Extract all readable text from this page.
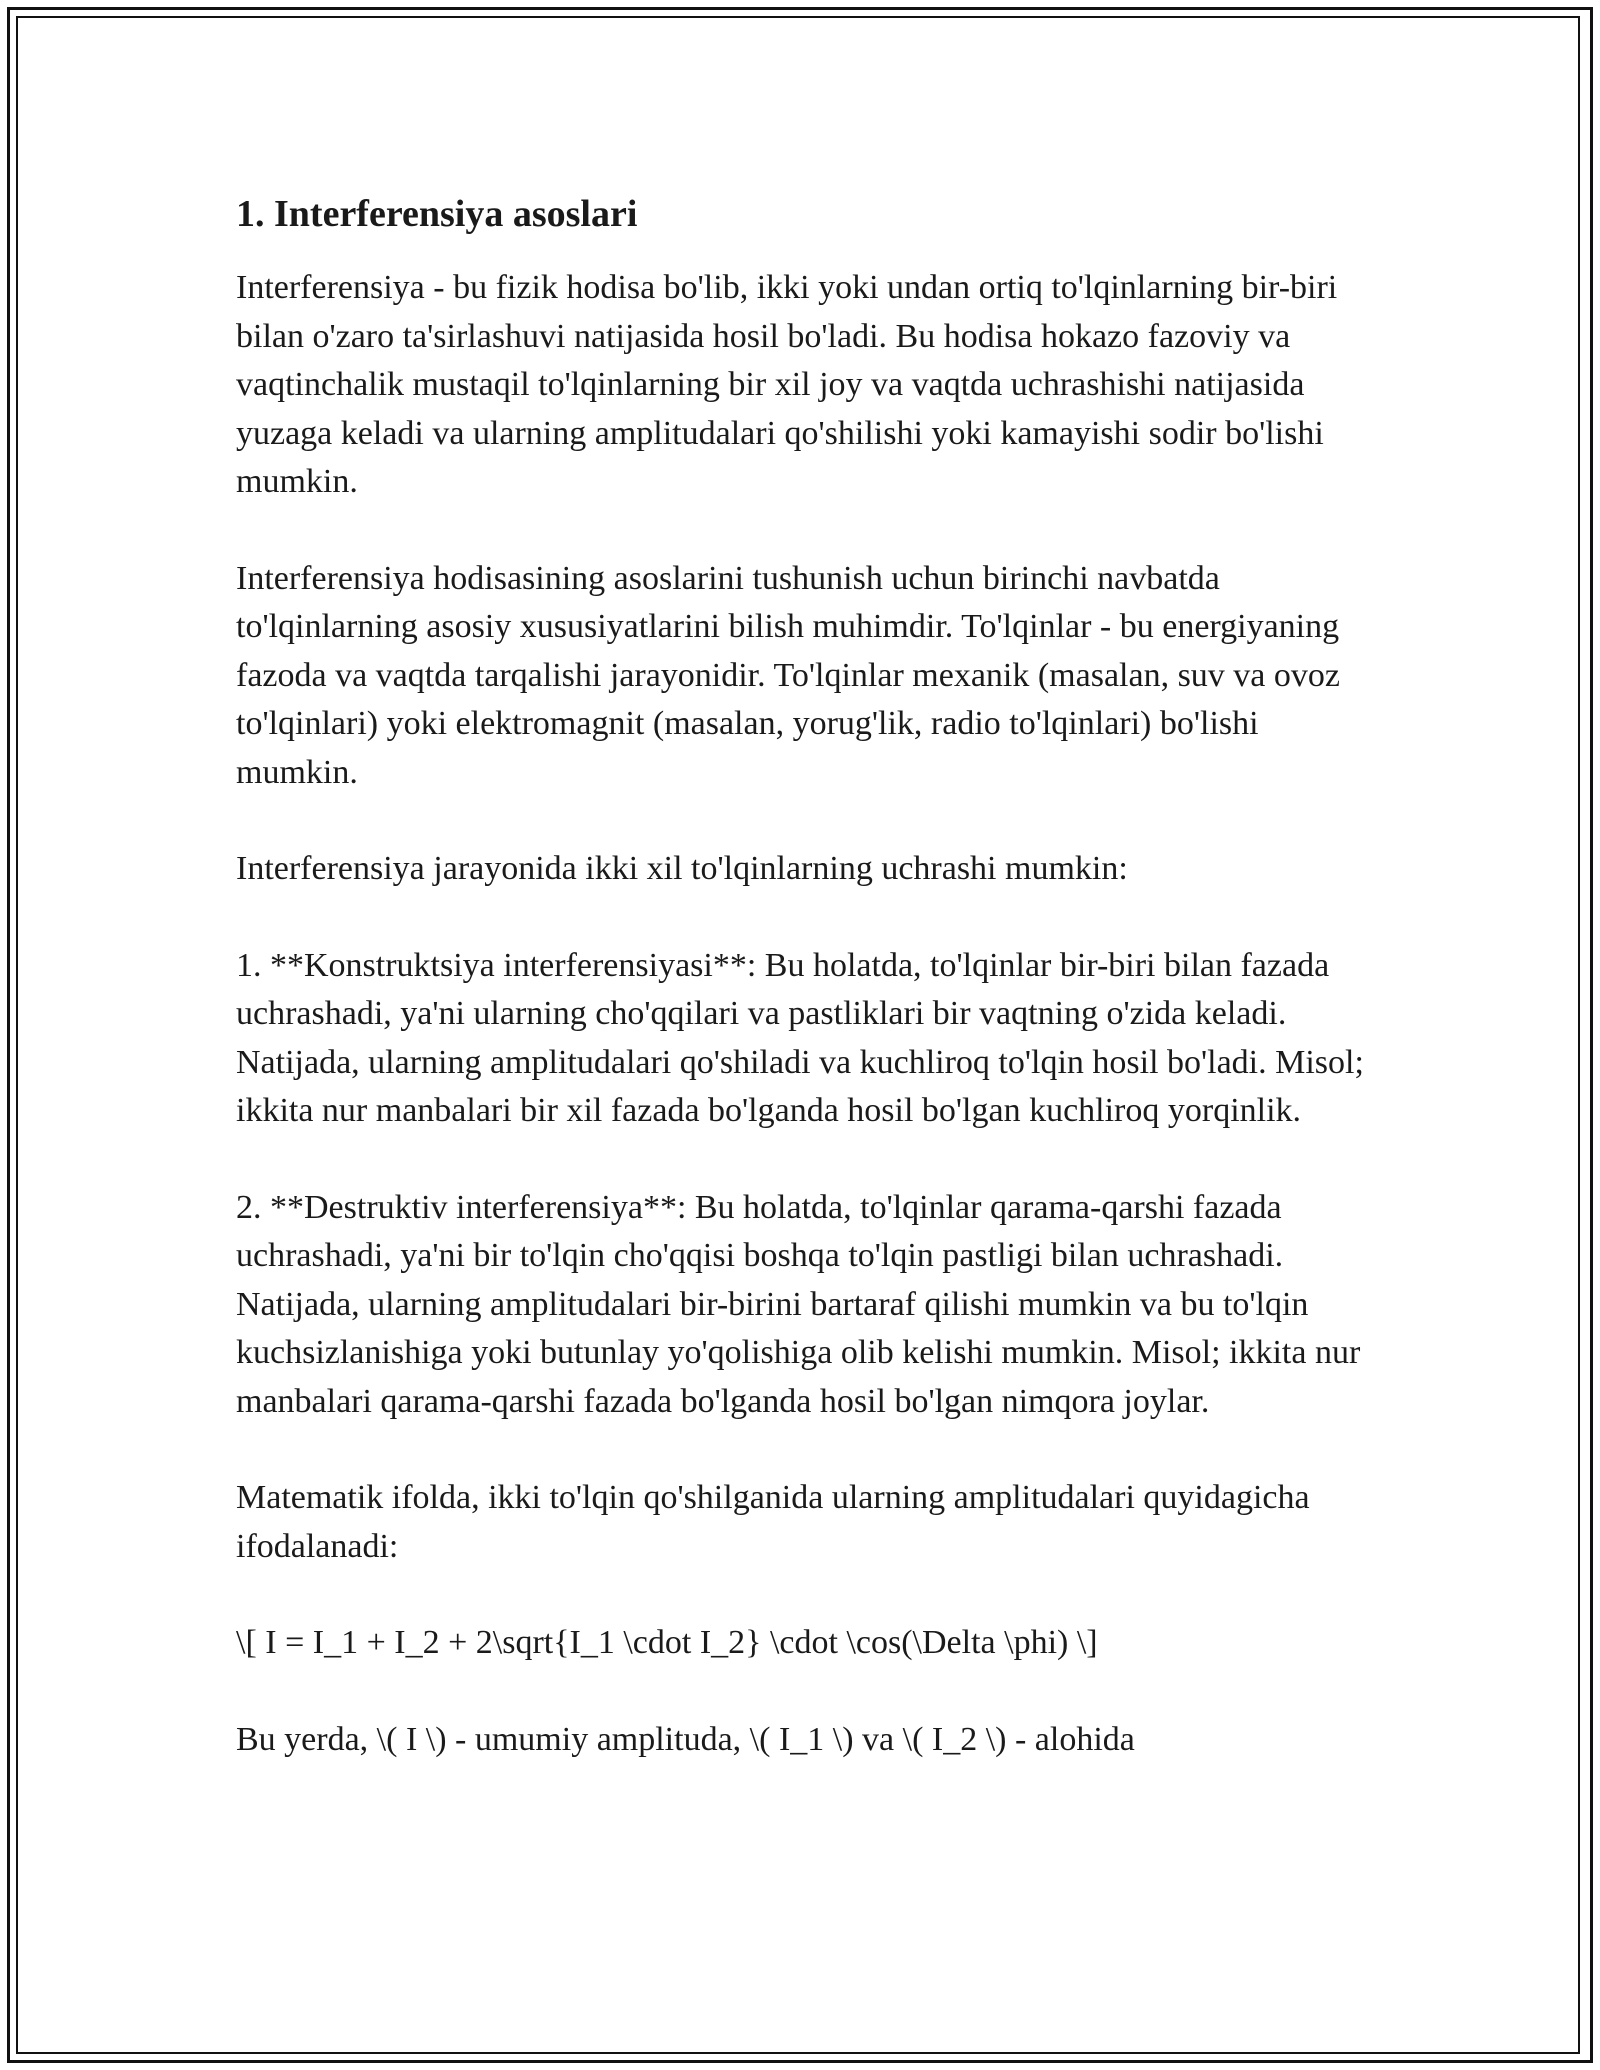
1. Interferensiya asoslari

Interferensiya - bu fizik hodisa bo'lib, ikki yoki undan ortiq to'lqinlarning bir-biri bilan o'zaro ta'sirlashuvi natijasida hosil bo'ladi. Bu hodisa hokazo fazoviy va vaqtinchalik mustaqil to'lqinlarning bir xil joy va vaqtda uchrashishi natijasida yuzaga keladi va ularning amplitudalari qo'shilishi yoki kamayishi sodir bo'lishi mumkin.

Interferensiya hodisasining asoslarini tushunish uchun birinchi navbatda to'lqinlarning asosiy xususiyatlarini bilish muhimdir. To'lqinlar - bu energiyaning fazoda va vaqtda tarqalishi jarayonidir. To'lqinlar mexanik (masalan, suv va ovoz to'lqinlari) yoki elektromagnit (masalan, yorug'lik, radio to'lqinlari) bo'lishi mumkin.

Interferensiya jarayonida ikki xil to'lqinlarning uchrashi mumkin:

1. **Konstruktsiya interferensiyasi**: Bu holatda, to'lqinlar bir-biri bilan fazada uchrashadi, ya'ni ularning cho'qqilari va pastliklari bir vaqtning o'zida keladi. Natijada, ularning amplitudalari qo'shiladi va kuchliroq to'lqin hosil bo'ladi. Misol; ikkita nur manbalari bir xil fazada bo'lganda hosil bo'lgan kuchliroq yorqinlik.

2. **Destruktiv interferensiya**: Bu holatda, to'lqinlar qarama-qarshi fazada uchrashadi, ya'ni bir to'lqin cho'qqisi boshqa to'lqin pastligi bilan uchrashadi. Natijada, ularning amplitudalari bir-birini bartaraf qilishi mumkin va bu to'lqin kuchsizlanishiga yoki butunlay yo'qolishiga olib kelishi mumkin. Misol; ikkita nur manbalari qarama-qarshi fazada bo'lganda hosil bo'lgan nimqora joylar.

Matematik ifolda, ikki to'lqin qo'shilganida ularning amplitudalari quyidagicha ifodalanadi:

\[ I = I_1 + I_2 + 2\sqrt{I_1 \cdot I_2} \cdot \cos(\Delta \phi) \]

Bu yerda, \( I \) - umumiy amplituda, \( I_1 \) va \( I_2 \) - alohida
